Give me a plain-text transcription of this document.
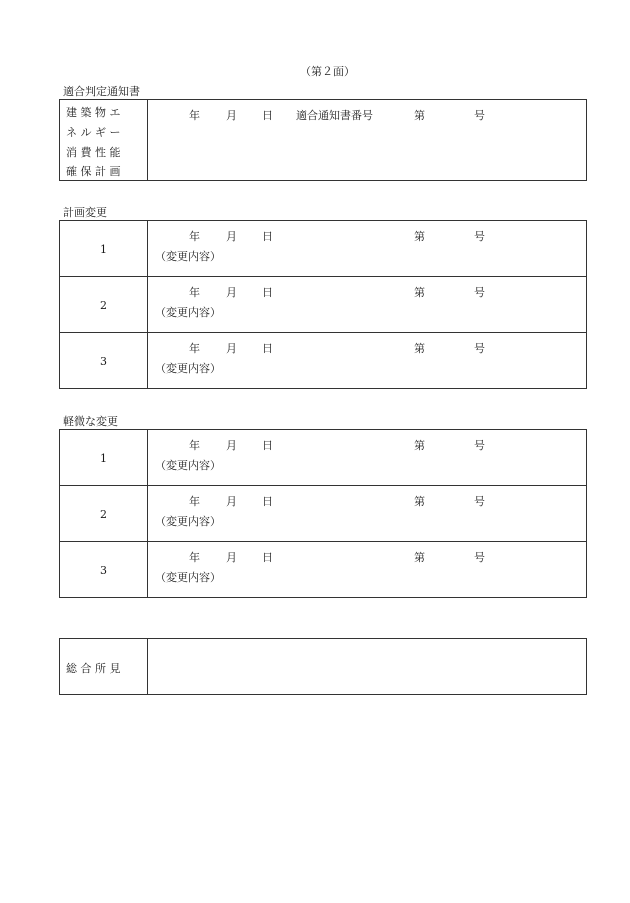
（第２面）
適合判定通知書
建 築 物 エ
ネ ル ギ ー
消 費 性 能
確 保 計 画
年 月 日 適合通知書番号	第	号
計画変更
1
年 月 日	第	号
（変更内容）
2
年 月 日	第	号
（変更内容）
3
年 月 日	第	号
（変更内容）
軽微な変更
1
年 月 日	第	号
（変更内容）
2
年 月 日	第	号
（変更内容）
3
年 月 日	第	号
（変更内容）
総 合 所 見
